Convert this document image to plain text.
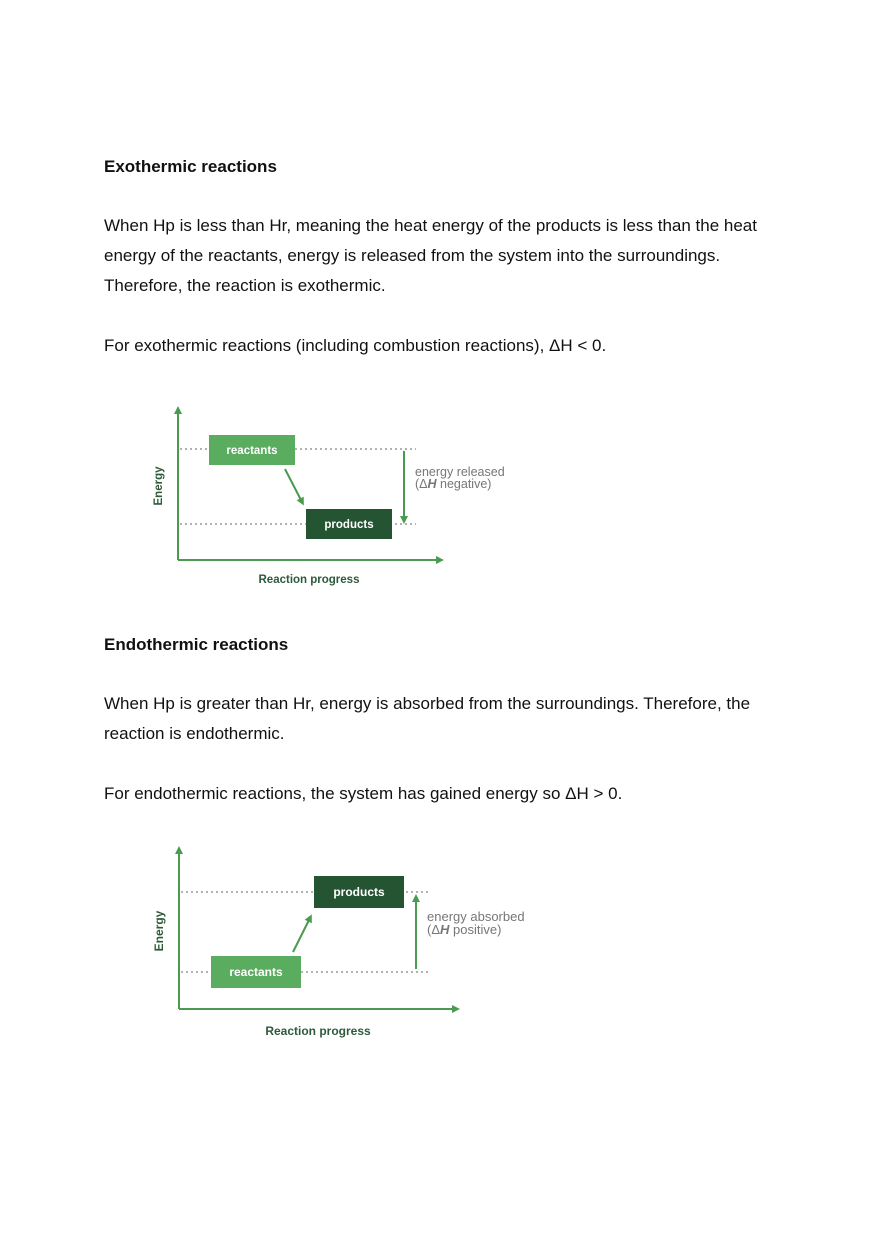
Exothermic reactions

When Hp is less than Hr, meaning the heat energy of the products is less than the heat energy of the reactants, energy is released from the system into the surroundings. Therefore, the reaction is exothermic.

For exothermic reactions (including combustion reactions), ΔH < 0.

reactants
products
energy released
(ΔH negative)
Energy
Reaction progress
Endothermic reactions

When Hp is greater than Hr, energy is absorbed from the surroundings. Therefore, the reaction is endothermic.

For endothermic reactions, the system has gained energy so ΔH > 0.

products
reactants
energy absorbed
(ΔH positive)
Energy
Reaction progress
